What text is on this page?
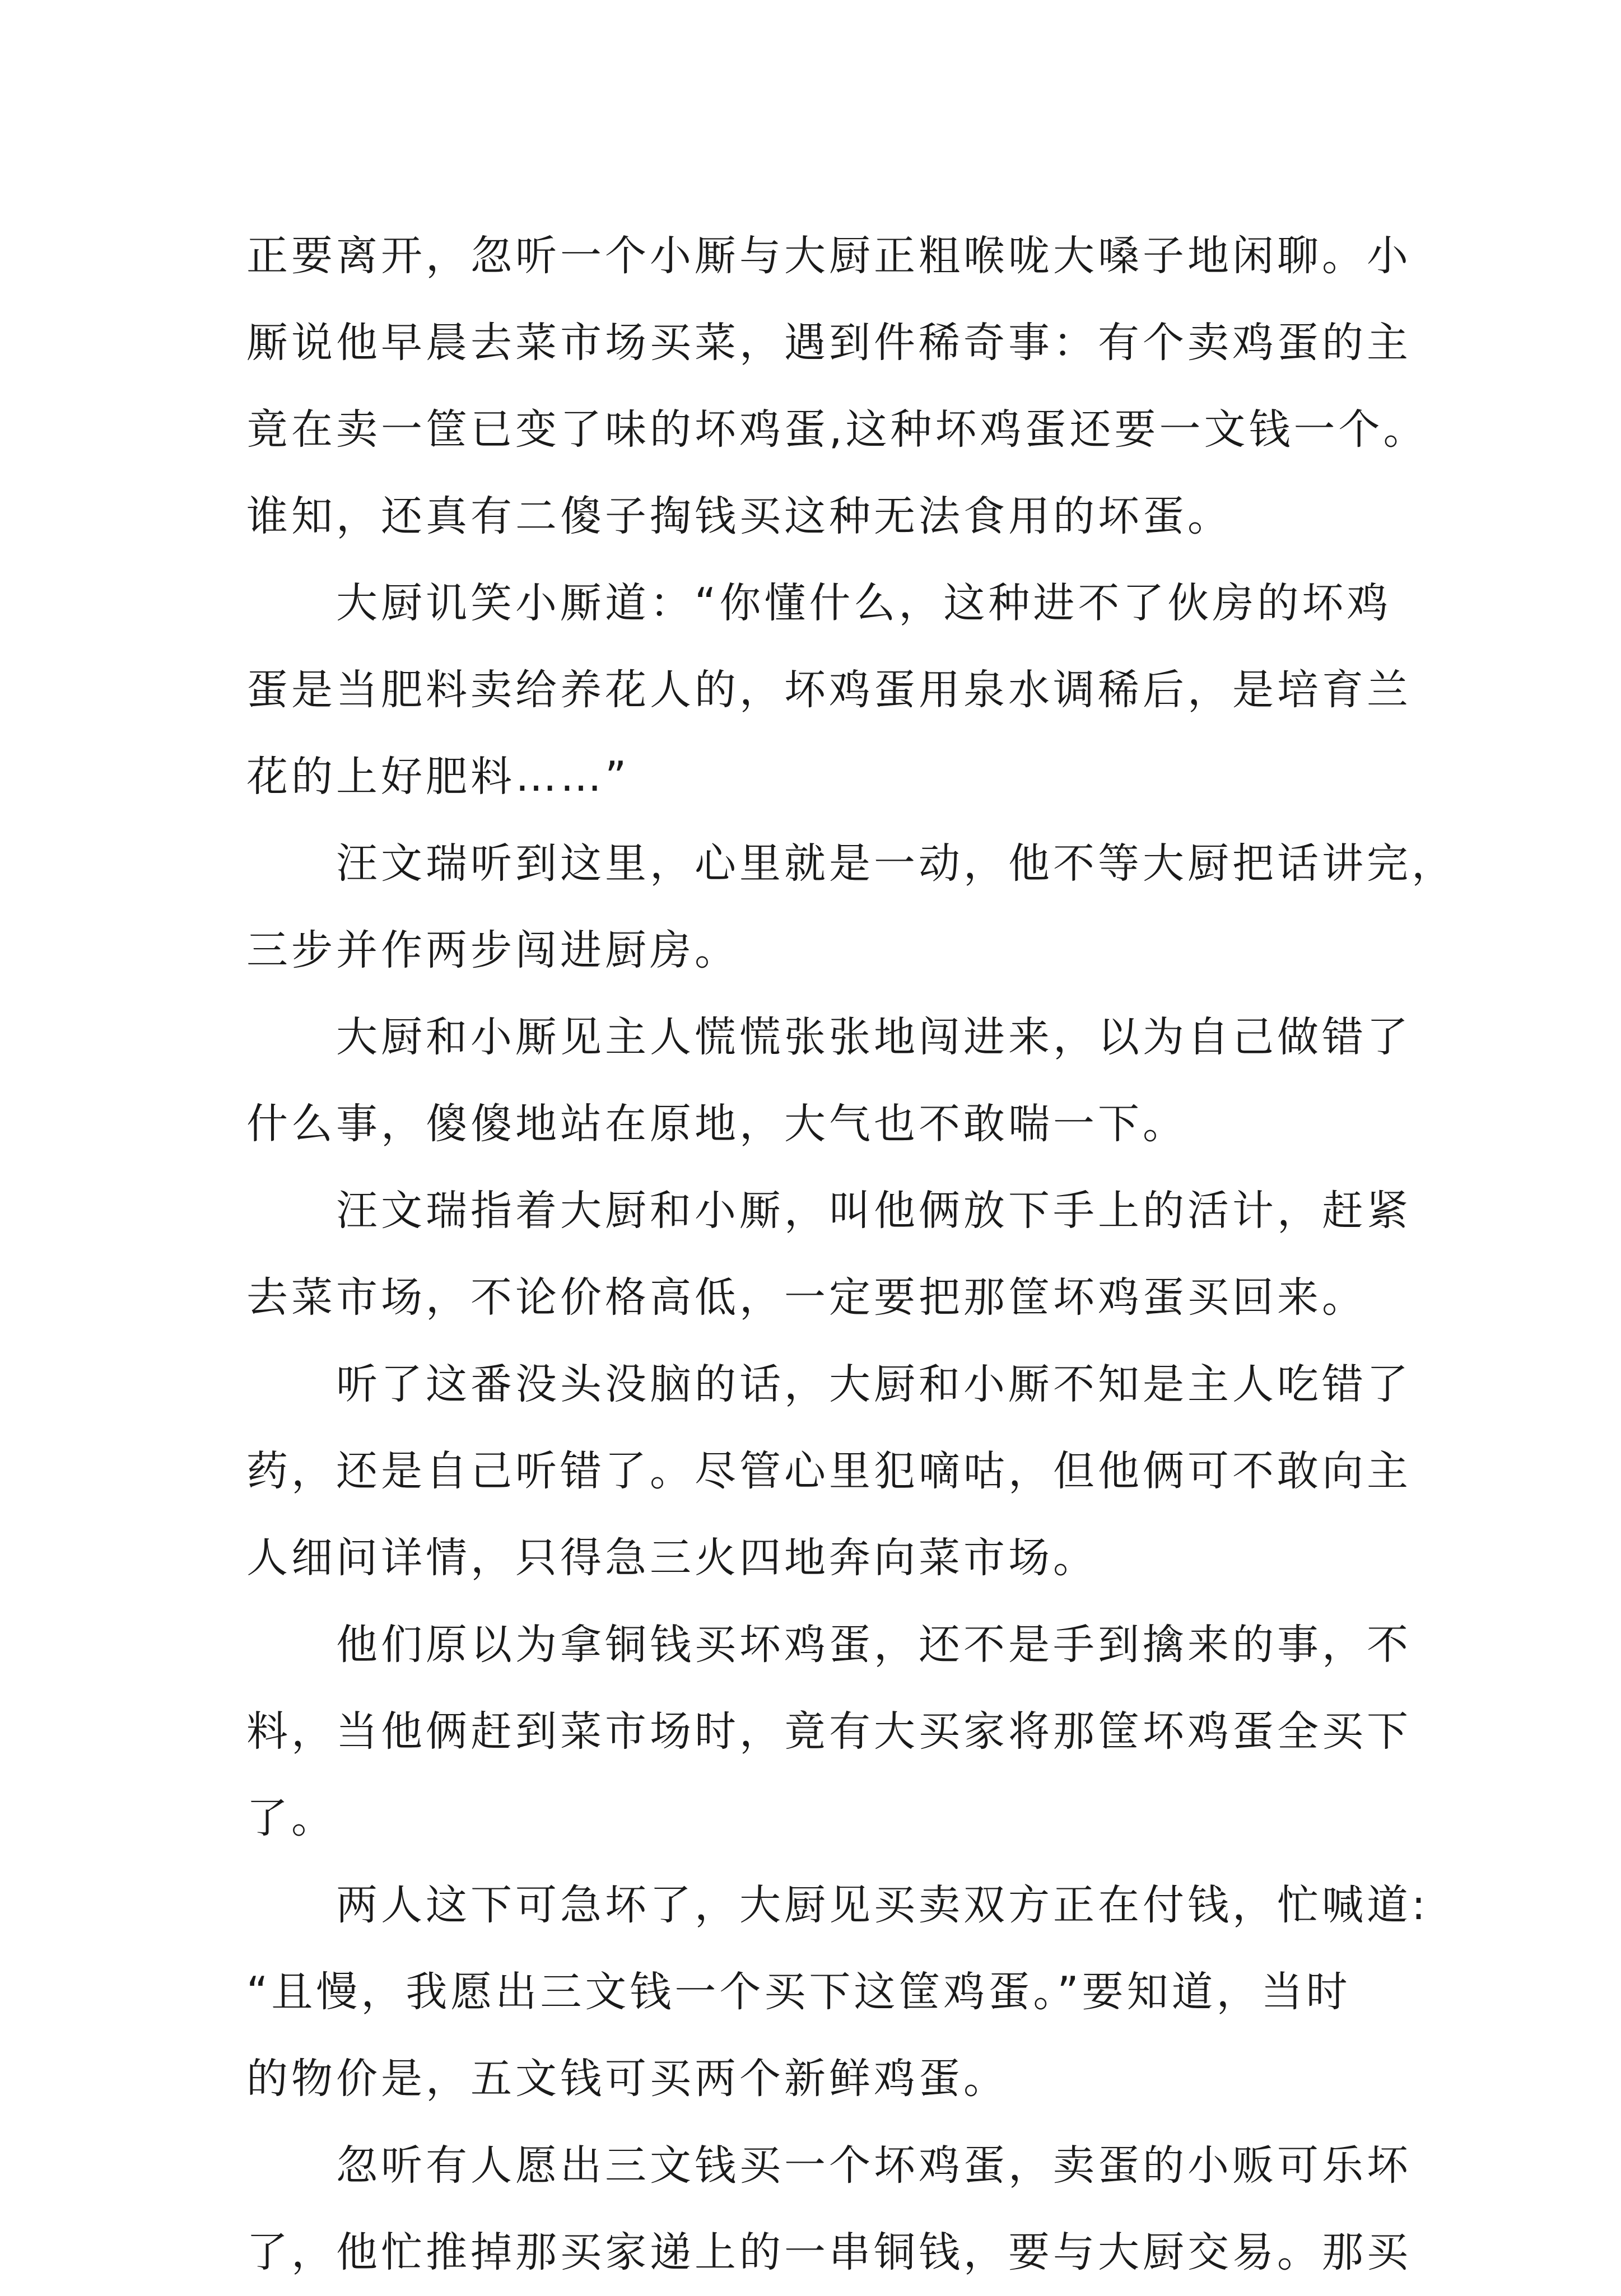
正要离开，忽听一个小厮与大厨正粗喉咙大嗓子地闲聊。小
厮说他早晨去菜市场买菜，遇到件稀奇事：有个卖鸡蛋的主
竟在卖一筐已变了味的坏鸡蛋,这种坏鸡蛋还要一文钱一个。
谁知，还真有二傻子掏钱买这种无法食用的坏蛋。
　　大厨讥笑小厮道：“你懂什么，这种进不了伙房的坏鸡
蛋是当肥料卖给养花人的，坏鸡蛋用泉水调稀后，是培育兰
花的上好肥料……”
　　汪文瑞听到这里，心里就是一动，他不等大厨把话讲完，
三步并作两步闯进厨房。
　　大厨和小厮见主人慌慌张张地闯进来，以为自己做错了
什么事，傻傻地站在原地，大气也不敢喘一下。
　　汪文瑞指着大厨和小厮，叫他俩放下手上的活计，赶紧
去菜市场，不论价格高低，一定要把那筐坏鸡蛋买回来。
　　听了这番没头没脑的话，大厨和小厮不知是主人吃错了
药，还是自己听错了。尽管心里犯嘀咕，但他俩可不敢向主
人细问详情，只得急三火四地奔向菜市场。
　　他们原以为拿铜钱买坏鸡蛋，还不是手到擒来的事，不
料，当他俩赶到菜市场时，竟有大买家将那筐坏鸡蛋全买下
了。
　　两人这下可急坏了，大厨见买卖双方正在付钱，忙喊道:
“且慢，我愿出三文钱一个买下这筐鸡蛋。”要知道，当时
的物价是，五文钱可买两个新鲜鸡蛋。
　　忽听有人愿出三文钱买一个坏鸡蛋，卖蛋的小贩可乐坏
了，他忙推掉那买家递上的一串铜钱，要与大厨交易。那买
